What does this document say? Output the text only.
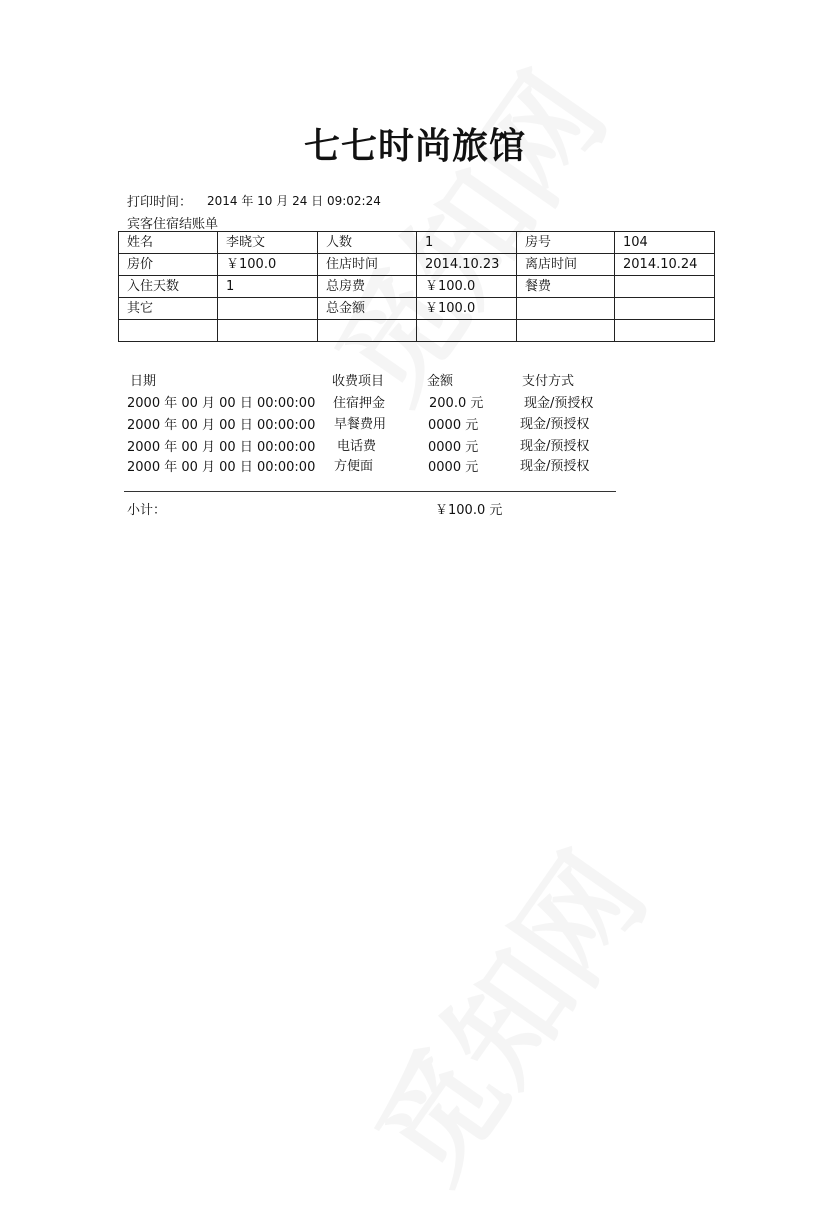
七七时尚旅馆
打印时间： 2014 年 10 月 24 日 09:02:24
宾客住宿结账单
姓名	李晓文	人数	1	房号	104
房价	￥100.0	住店时间	2014.10.23	离店时间	2014.10.24
入住天数	1	总房费	￥100.0	餐费	
其它		总金额	￥100.0		

日期	收费项目	金额	支付方式
2000 年 00 月 00 日 00:00:00 住宿押金	200.0 元	现金/预授权
2000 年 00 月 00 日 00:00:00 早餐费用	0000 元	现金/预授权
2000 年 00 月 00 日 00:00:00 电话费	0000 元	现金/预授权
2000 年 00 月 00 日 00:00:00 方便面	0000 元	现金/预授权
小计：	￥100.0 元
